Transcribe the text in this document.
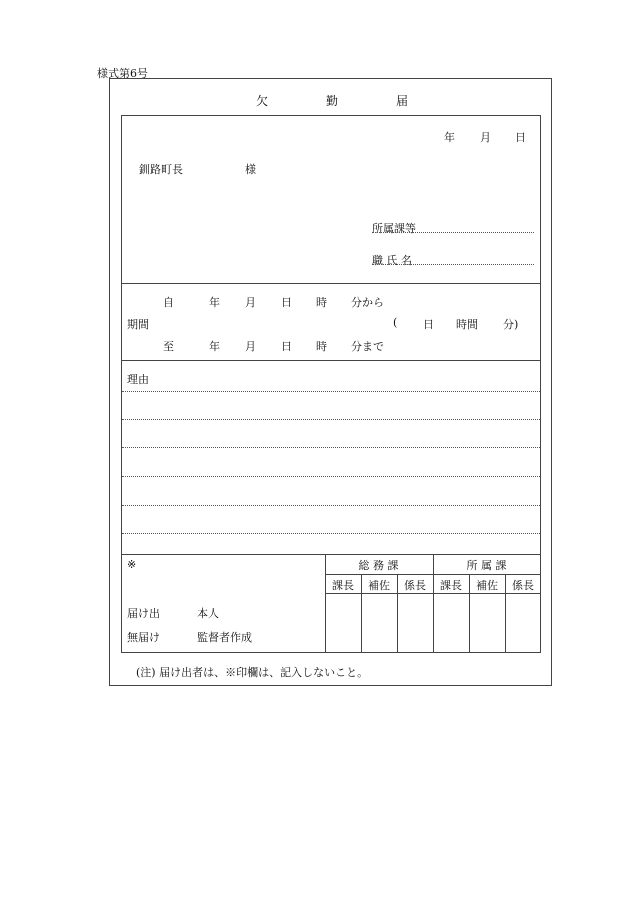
様式第6号
欠	勤	届
年 月 日
釧路町長	様
所属課等
職 氏 名
自	年 月 日 時 分から
期間	( 日 時間 分)
至	年 月 日 時 分まで
理由
※
届け出	本人
無届け	監督者作成
総 務 課	所 属 課
課長	補佐	係長	課長	補佐	係長
(注) 届け出者は、※印欄は、記入しないこと。
